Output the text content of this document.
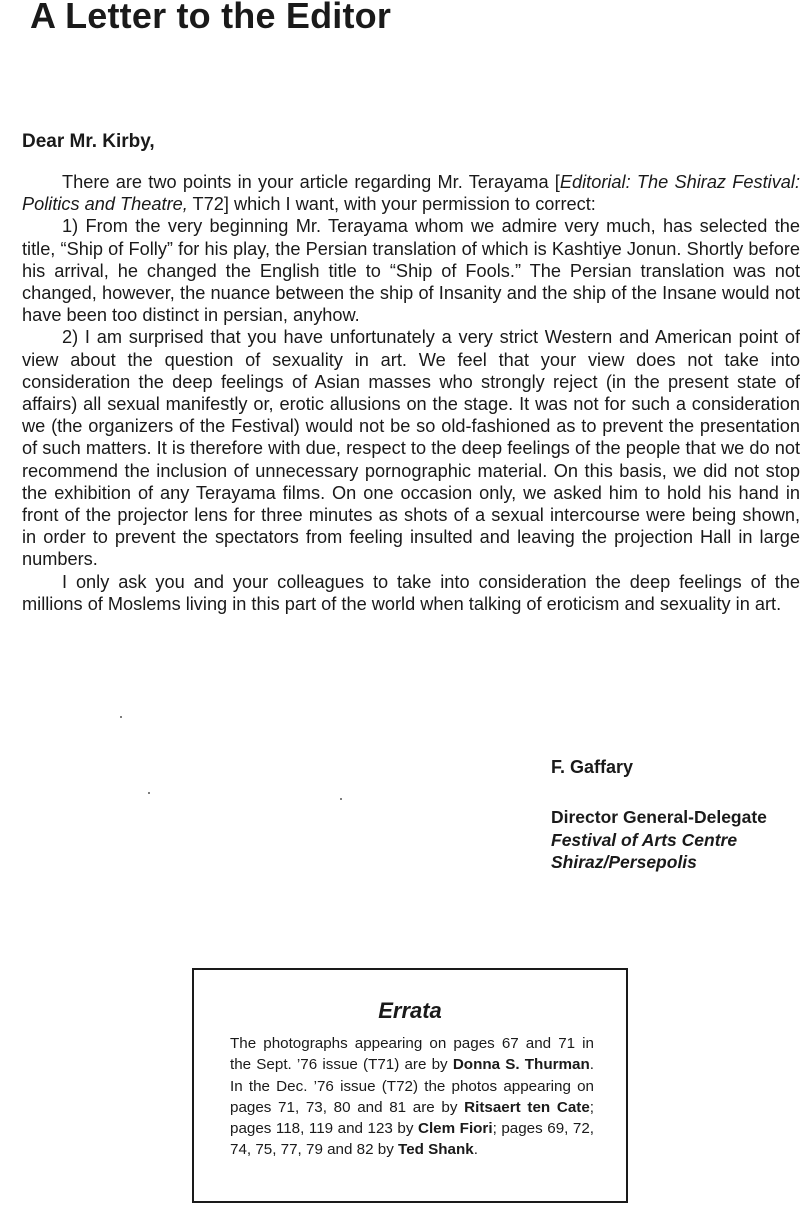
A Letter to the Editor
Dear Mr. Kirby,

There are two points in your article regarding Mr. Terayama [Editorial: The Shiraz Festival: Politics and Theatre, T72] which I want, with your permission to correct:

1) From the very beginning Mr. Terayama whom we admire very much, has selected the title, “Ship of Folly” for his play, the Persian translation of which is Kashtiye Jonun. Shortly before his arrival, he changed the English title to “Ship of Fools.” The Persian translation was not changed, however, the nuance between the ship of Insanity and the ship of the Insane would not have been too distinct in persian, anyhow.

2) I am surprised that you have unfortunately a very strict Western and American point of view about the question of sexuality in art. We feel that your view does not take into consideration the deep feelings of Asian masses who strongly reject (in the present state of affairs) all sexual manifestly or, erotic allusions on the stage. It was not for such a consideration we (the organizers of the Festival) would not be so old-fashioned as to prevent the presentation of such matters. It is therefore with due, respect to the deep feelings of the people that we do not recommend the inclusion of unnecessary pornographic material. On this basis, we did not stop the exhibition of any Terayama films. On one occasion only, we asked him to hold his hand in front of the projector lens for three minutes as shots of a sexual intercourse were being shown, in order to prevent the spectators from feeling insulted and leaving the projection Hall in large numbers.

I only ask you and your colleagues to take into consideration the deep feelings of the millions of Moslems living in this part of the world when talking of eroticism and sexuality in art.

F. Gaffary
Director General-Delegate
Festival of Arts Centre
Shiraz/Persepolis
Errata
The photographs appearing on pages 67 and 71 in the Sept. ’76 issue (T71) are by Donna S. Thurman. In the Dec. ’76 issue (T72) the photos appearing on pages 71, 73, 80 and 81 are by Ritsaert ten Cate; pages 118, 119 and 123 by Clem Fiori; pages 69, 72, 74, 75, 77, 79 and 82 by Ted Shank.
